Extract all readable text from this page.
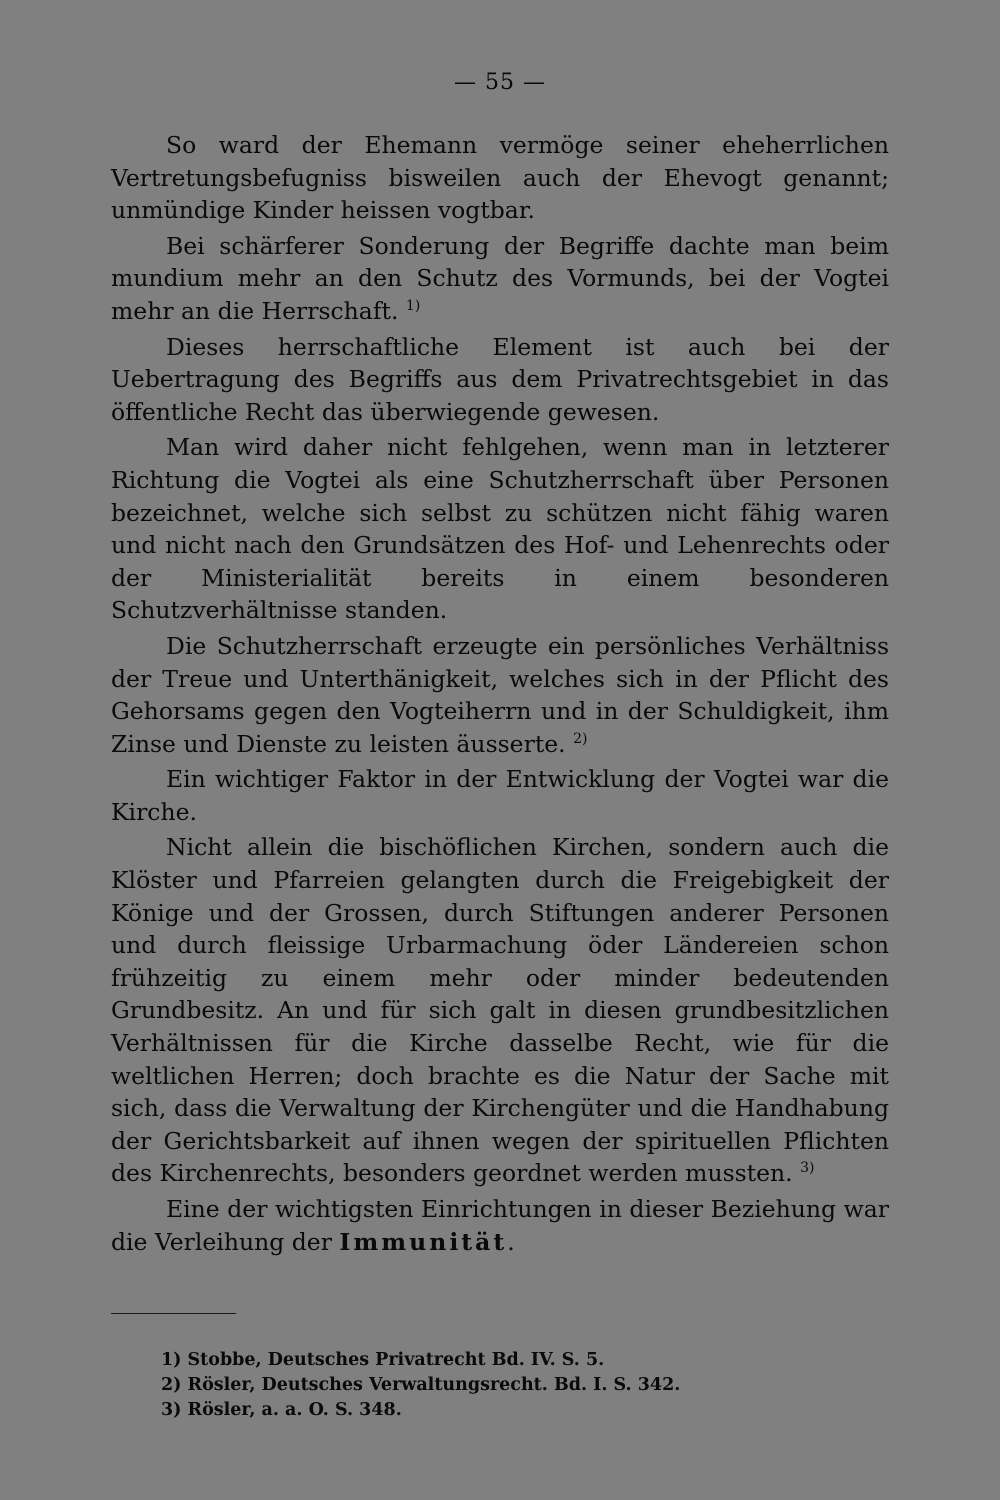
— 55 —

So ward der Ehemann vermöge seiner eheherrlichen Vertretungsbefugniss bisweilen auch der Ehevogt genannt; unmündige Kinder heissen vogtbar.

Bei schärferer Sonderung der Begriffe dachte man beim mundium mehr an den Schutz des Vormunds, bei der Vogtei mehr an die Herrschaft. $^{1)}$

Dieses herrschaftliche Element ist auch bei der Uebertragung des Begriffs aus dem Privatrechtsgebiet in das öffentliche Recht das überwiegende gewesen.

Man wird daher nicht fehlgehen, wenn man in letzterer Richtung die Vogtei als eine Schutzherrschaft über Personen bezeichnet, welche sich selbst zu schützen nicht fähig waren und nicht nach den Grundsätzen des Hof- und Lehenrechts oder der Ministerialität bereits in einem besonderen Schutzverhältnisse standen.

Die Schutzherrschaft erzeugte ein persönliches Verhältniss der Treue und Unterthänigkeit, welches sich in der Pflicht des Gehorsams gegen den Vogteiherrn und in der Schuldigkeit, ihm Zinse und Dienste zu leisten äusserte. $^{2)}$

Ein wichtiger Faktor in der Entwicklung der Vogtei war die Kirche.

Nicht allein die bischöflichen Kirchen, sondern auch die Klöster und Pfarreien gelangten durch die Freigebigkeit der Könige und der Grossen, durch Stiftungen anderer Personen und durch fleissige Urbarmachung öder Ländereien schon frühzeitig zu einem mehr oder minder bedeutenden Grundbesitz. An und für sich galt in diesen grundbesitzlichen Verhältnissen für die Kirche dasselbe Recht, wie für die weltlichen Herren; doch brachte es die Natur der Sache mit sich, dass die Verwaltung der Kirchengüter und die Handhabung der Gerichtsbarkeit auf ihnen wegen der spirituellen Pflichten des Kirchenrechts, besonders geordnet werden mussten. $^{3)}$

Eine der wichtigsten Einrichtungen in dieser Beziehung war die Verleihung der Immunität.

1) Stobbe, Deutsches Privatrecht Bd. IV. S. 5.
2) Rösler, Deutsches Verwaltungsrecht. Bd. I. S. 342.
3) Rösler, a. a. O. S. 348.
